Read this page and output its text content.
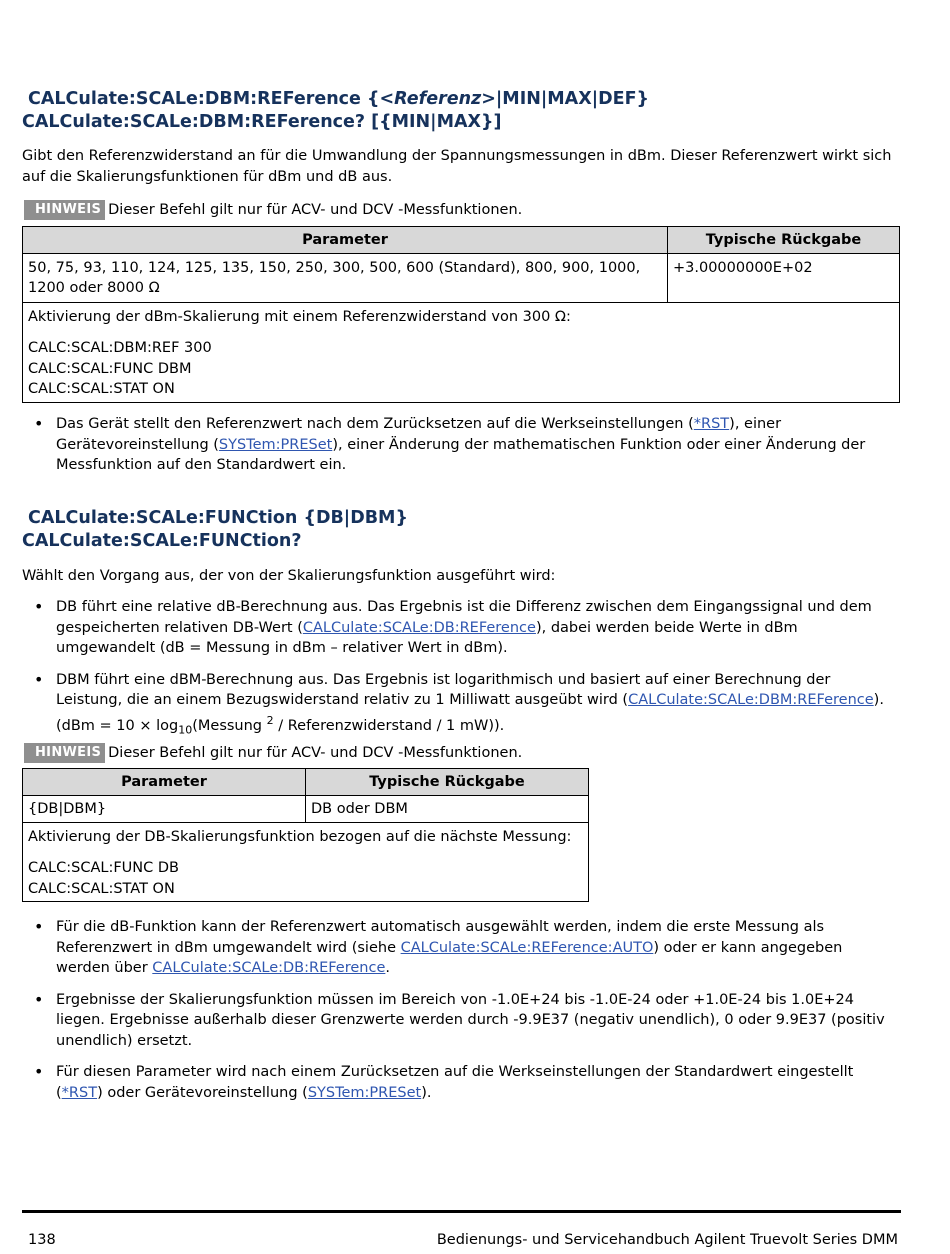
CALCulate:SCALe:DBM:REFerence {<Referenz>|MIN|MAX|DEF}

CALCulate:SCALe:DBM:REFerence? [{MIN|MAX}]

Gibt den Referenzwiderstand an für die Umwandlung der Spannungsmessungen in dBm. Dieser Referenzwert wirkt sich auf die Skalierungsfunktionen für dBm und dB aus.

HINWEIS Dieser Befehl gilt nur für ACV- und DCV -Messfunktionen.
Parameter	Typische Rückgabe
50, 75, 93, 110, 124, 125, 135, 150, 250, 300, 500, 600 (Standard), 800, 900, 1000, 1200 oder 8000 Ω	+3.00000000E+02

Aktivierung der dBm-Skalierung mit einem Referenzwiderstand von 300 Ω:
CALC:SCAL:DBM:REF 300
CALC:SCAL:FUNC DBM
CALC:SCAL:STAT ON	
• Das Gerät stellt den Referenzwert nach dem Zurücksetzen auf die Werkseinstellungen (*RST), einer Gerätevoreinstellung (SYSTem:PRESet), einer Änderung der mathematischen Funktion oder einer Änderung der Messfunktion auf den Standardwert ein.

CALCulate:SCALe:FUNCtion {DB|DBM}

CALCulate:SCALe:FUNCtion?

Wählt den Vorgang aus, der von der Skalierungsfunktion ausgeführt wird:

• DB führt eine relative dB-Berechnung aus. Das Ergebnis ist die Differenz zwischen dem Eingangssignal und dem gespeicherten relativen DB-Wert (CALCulate:SCALe:DB:REFerence), dabei werden beide Werte in dBm umgewandelt (dB = Messung in dBm – relativer Wert in dBm).
• DBM führt eine dBM-Berechnung aus. Das Ergebnis ist logarithmisch und basiert auf einer Berechnung der Leistung, die an einem Bezugswiderstand relativ zu 1 Milliwatt ausgeübt wird (CALCulate:SCALe:DBM:REFerence). ($dBm = 10 \times \log_{10}(Messung$ $^2$ / Referenzwiderstand / 1 mW)).
HINWEIS Dieser Befehl gilt nur für ACV- und DCV -Messfunktionen.
Parameter	Typische Rückgabe
{DB|DBM}	DB oder DBM

Aktivierung der DB-Skalierungsfunktion bezogen auf die nächste Messung:
CALC:SCAL:FUNC DB
CALC:SCAL:STAT ON	
• Für die dB-Funktion kann der Referenzwert automatisch ausgewählt werden, indem die erste Messung als Referenzwert in dBm umgewandelt wird (siehe CALCulate:SCALe:REFerence:AUTO) oder er kann angegeben werden über CALCulate:SCALe:DB:REFerence.
• Ergebnisse der Skalierungsfunktion müssen im Bereich von -1.0E+24 bis -1.0E-24 oder +1.0E-24 bis 1.0E+24 liegen. Ergebnisse außerhalb dieser Grenzwerte werden durch -9.9E37 (negativ unendlich), 0 oder 9.9E37 (positiv unendlich) ersetzt.
• Für diesen Parameter wird nach einem Zurücksetzen auf die Werkseinstellungen der Standardwert eingestellt (*RST) oder Gerätevoreinstellung (SYSTem:PRESet).
138	Bedienungs- und Servicehandbuch Agilent Truevolt Series DMM
